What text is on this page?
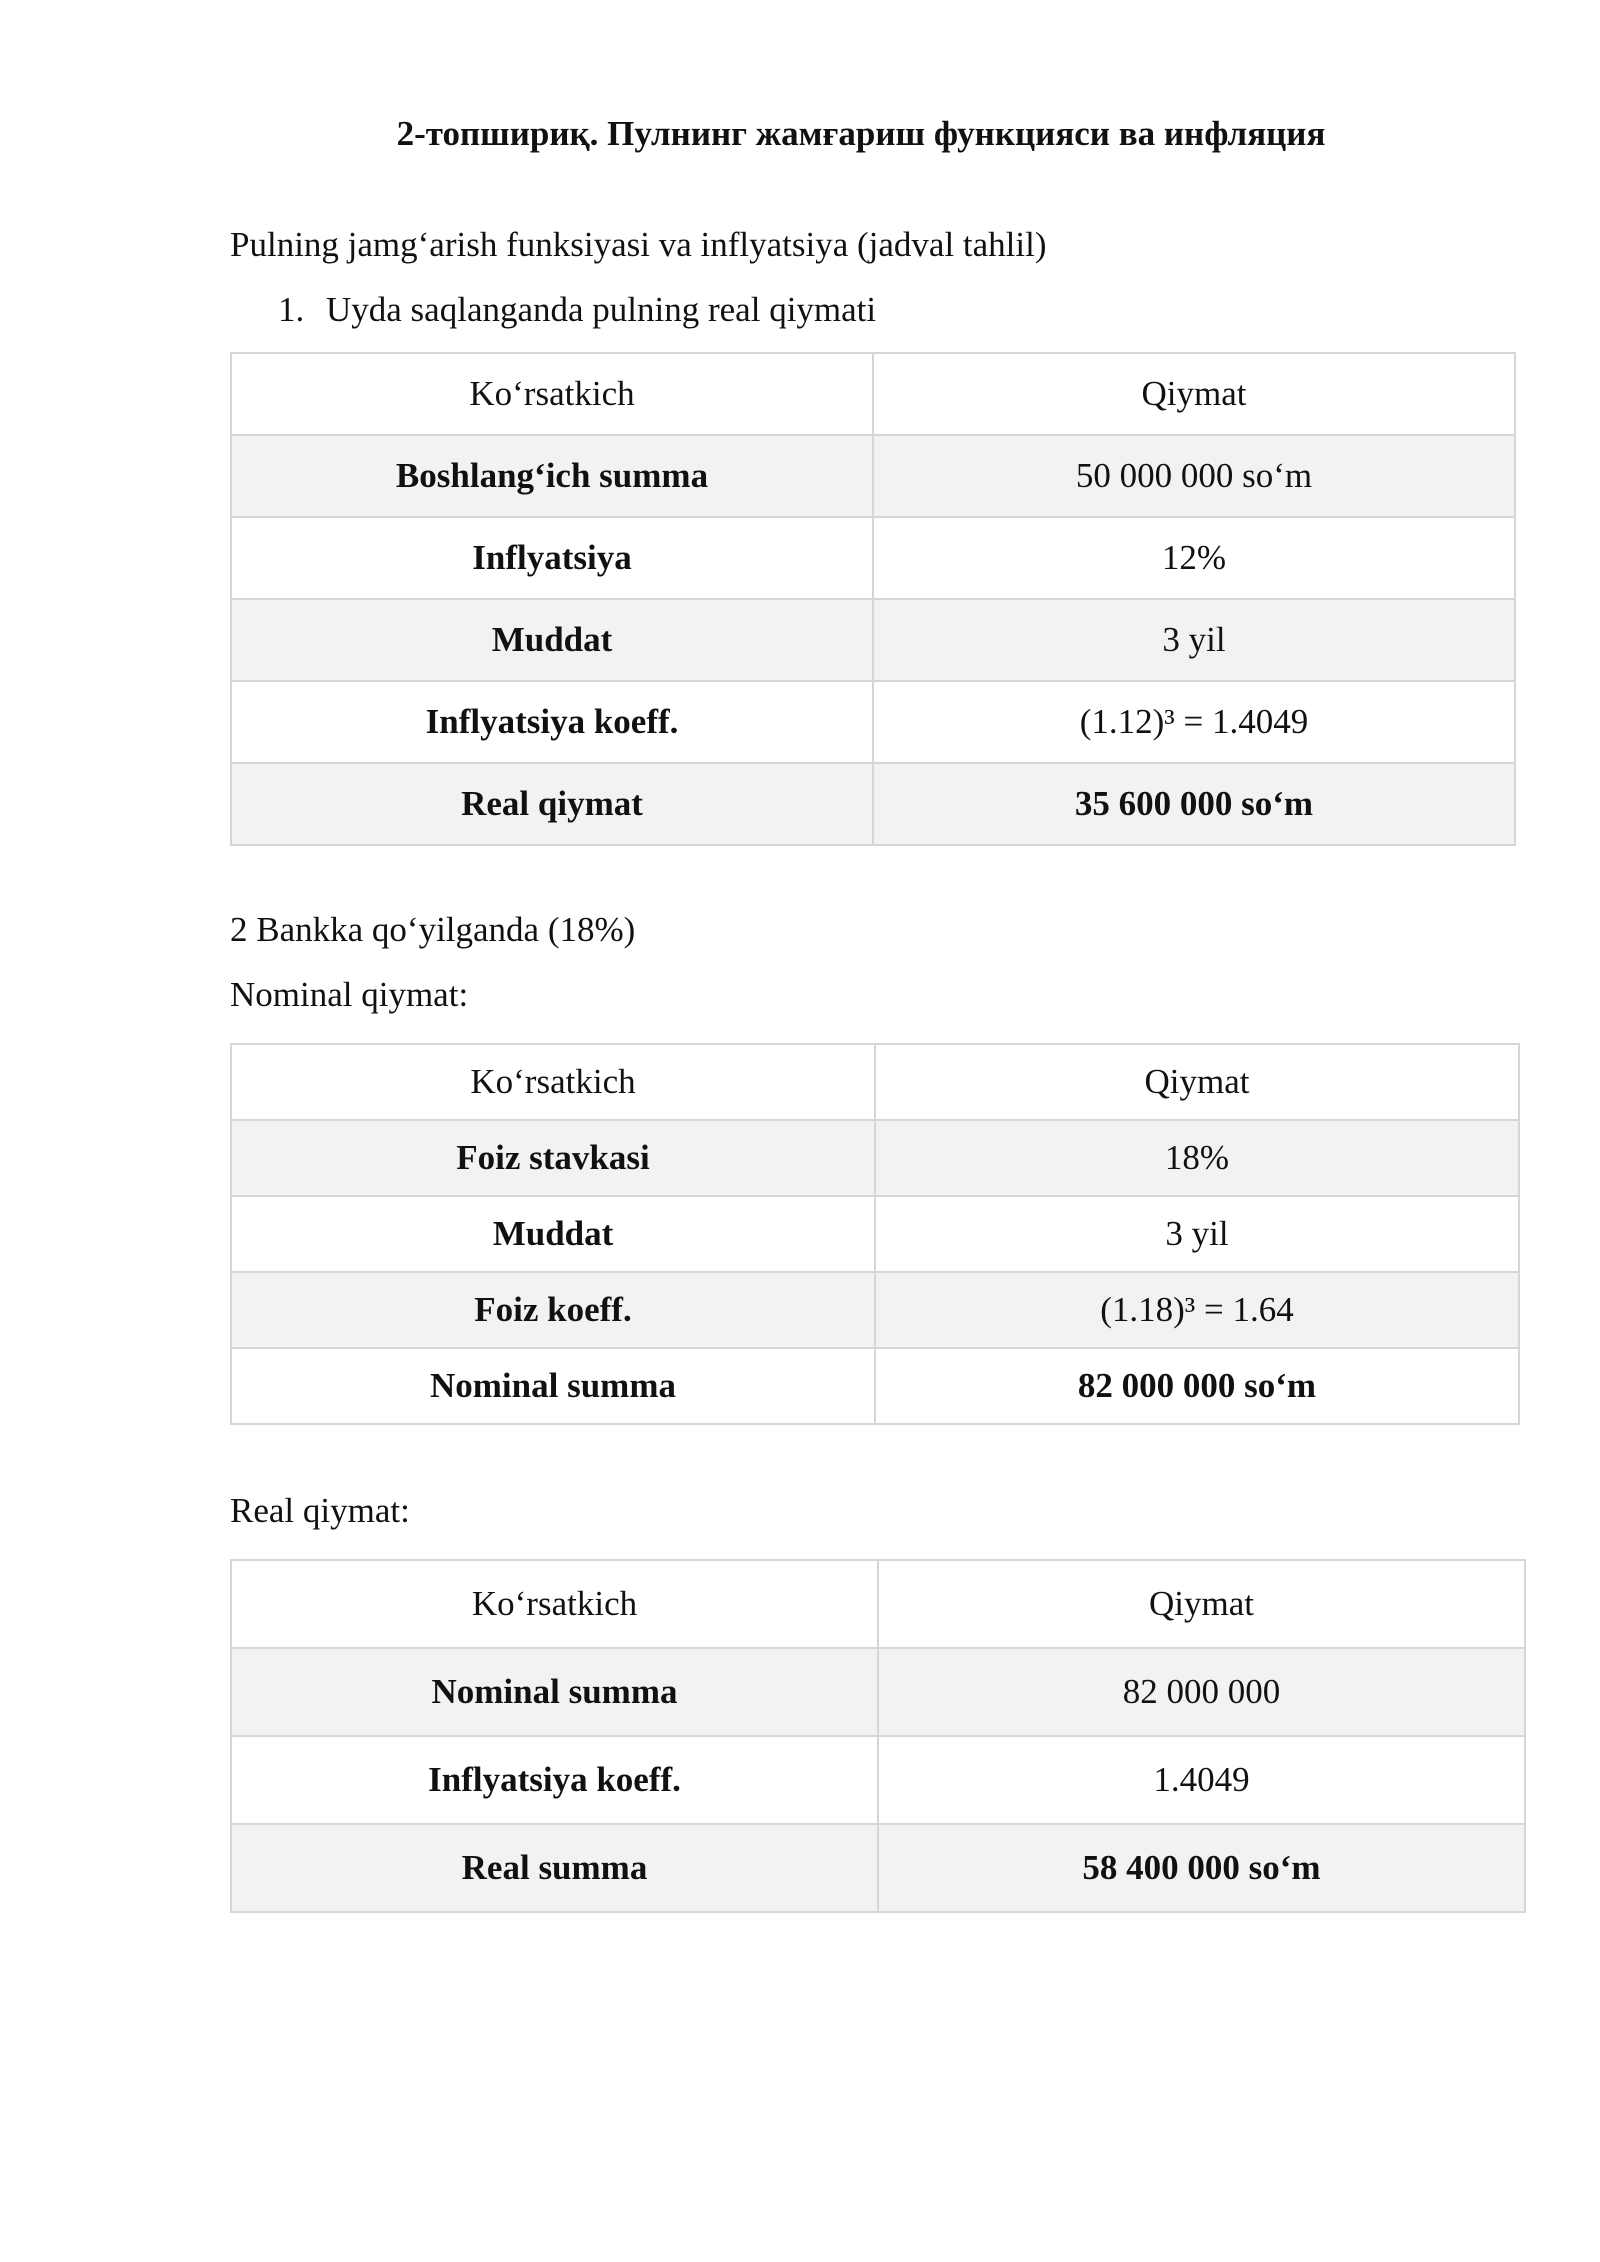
2-топшириқ. Пулнинг жамғариш функцияси ва инфляция
Pulning jamg‘arish funksiyasi va inflyatsiya (jadval tahlil)
1. Uyda saqlanganda pulning real qiymati
Ko‘rsatkich	Qiymat
Boshlang‘ich summa	50 000 000 so‘m
Inflyatsiya	12%
Muddat	3 yil
Inflyatsiya koeff.	(1.12)³ = 1.4049
Real qiymat	35 600 000 so‘m
2 Bankka qo‘yilganda (18%)
Nominal qiymat:
Ko‘rsatkich	Qiymat
Foiz stavkasi	18%
Muddat	3 yil
Foiz koeff.	(1.18)³ = 1.64
Nominal summa	82 000 000 so‘m
Real qiymat:
Ko‘rsatkich	Qiymat
Nominal summa	82 000 000
Inflyatsiya koeff.	1.4049
Real summa	58 400 000 so‘m
